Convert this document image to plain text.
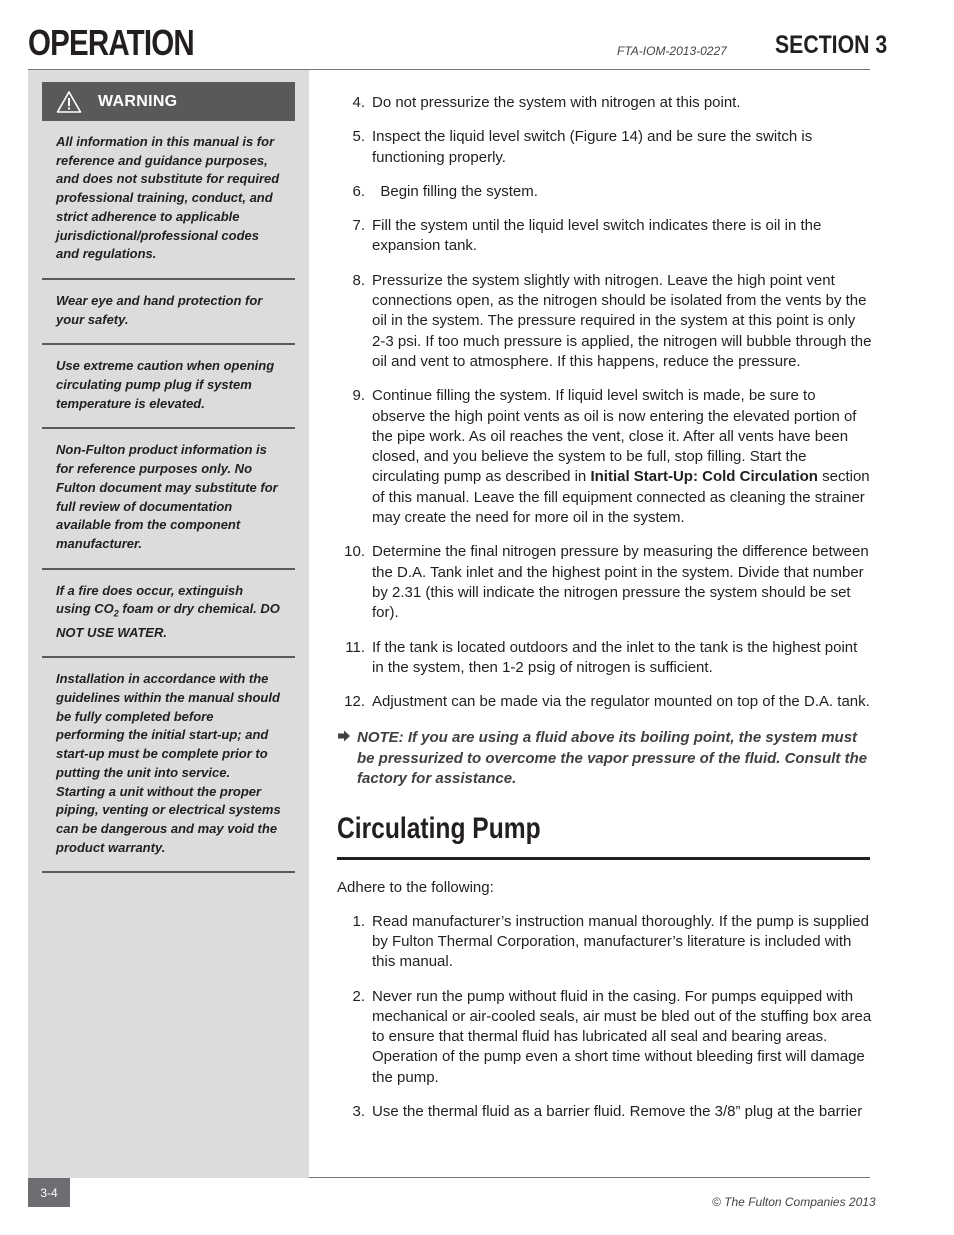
OPERATION	FTA-IOM-2013-0227 SECTION 3
WARNING
All information in this manual is for reference and guidance purposes, and does not substitute for required professional training, conduct, and strict adherence to applicable jurisdictional/professional codes and regulations.
Wear eye and hand protection for your safety.
Use extreme caution when opening circulating pump plug if system temperature is elevated.
Non-Fulton product information is for reference purposes only. No Fulton document may substitute for full review of documentation available from the component manufacturer.
If a fire does occur, extinguish using $CO_2$ foam or dry chemical. DO NOT USE WATER.
Installation in accordance with the guidelines within the manual should be fully completed before performing the initial start-up; and start-up must be complete prior to putting the unit into service. Starting a unit without the proper piping, venting or electrical systems can be dangerous and may void the product warranty.
4. Do not pressurize the system with nitrogen at this point.
5. Inspect the liquid level switch (Figure 14) and be sure the switch is functioning properly.
6. Begin filling the system.
7. Fill the system until the liquid level switch indicates there is oil in the expansion tank.
8. Pressurize the system slightly with nitrogen. Leave the high point vent connections open, as the nitrogen should be isolated from the vents by the oil in the system. The pressure required in the system at this point is only 2-3 psi. If too much pressure is applied, the nitrogen will bubble through the oil and vent to atmosphere. If this happens, reduce the pressure.
9. Continue filling the system. If liquid level switch is made, be sure to observe the high point vents as oil is now entering the elevated portion of the pipe work. As oil reaches the vent, close it. After all vents have been closed, and you believe the system to be full, stop filling. Start the circulating pump as described in Initial Start-Up: Cold Circulation section of this manual. Leave the fill equipment connected as cleaning the strainer may create the need for more oil in the system.
10. Determine the final nitrogen pressure by measuring the difference between the D.A. Tank inlet and the highest point in the system. Divide that number by 2.31 (this will indicate the nitrogen pressure the system should be set for).
11. If the tank is located outdoors and the inlet to the tank is the highest point in the system, then 1-2 psig of nitrogen is sufficient.
12. Adjustment can be made via the regulator mounted on top of the D.A. tank.
NOTE: If you are using a fluid above its boiling point, the system must be pressurized to overcome the vapor pressure of the fluid. Consult the factory for assistance.
Circulating Pump
Adhere to the following:
1. Read manufacturer’s instruction manual thoroughly. If the pump is supplied by Fulton Thermal Corporation, manufacturer’s literature is included with this manual.
2. Never run the pump without fluid in the casing. For pumps equipped with mechanical or air-cooled seals, air must be bled out of the stuffing box area to ensure that thermal fluid has lubricated all seal and bearing areas. Operation of the pump even a short time without bleeding first will damage the pump.
3. Use the thermal fluid as a barrier fluid. Remove the 3/8” plug at the barrier
3-4
© The Fulton Companies 2013
